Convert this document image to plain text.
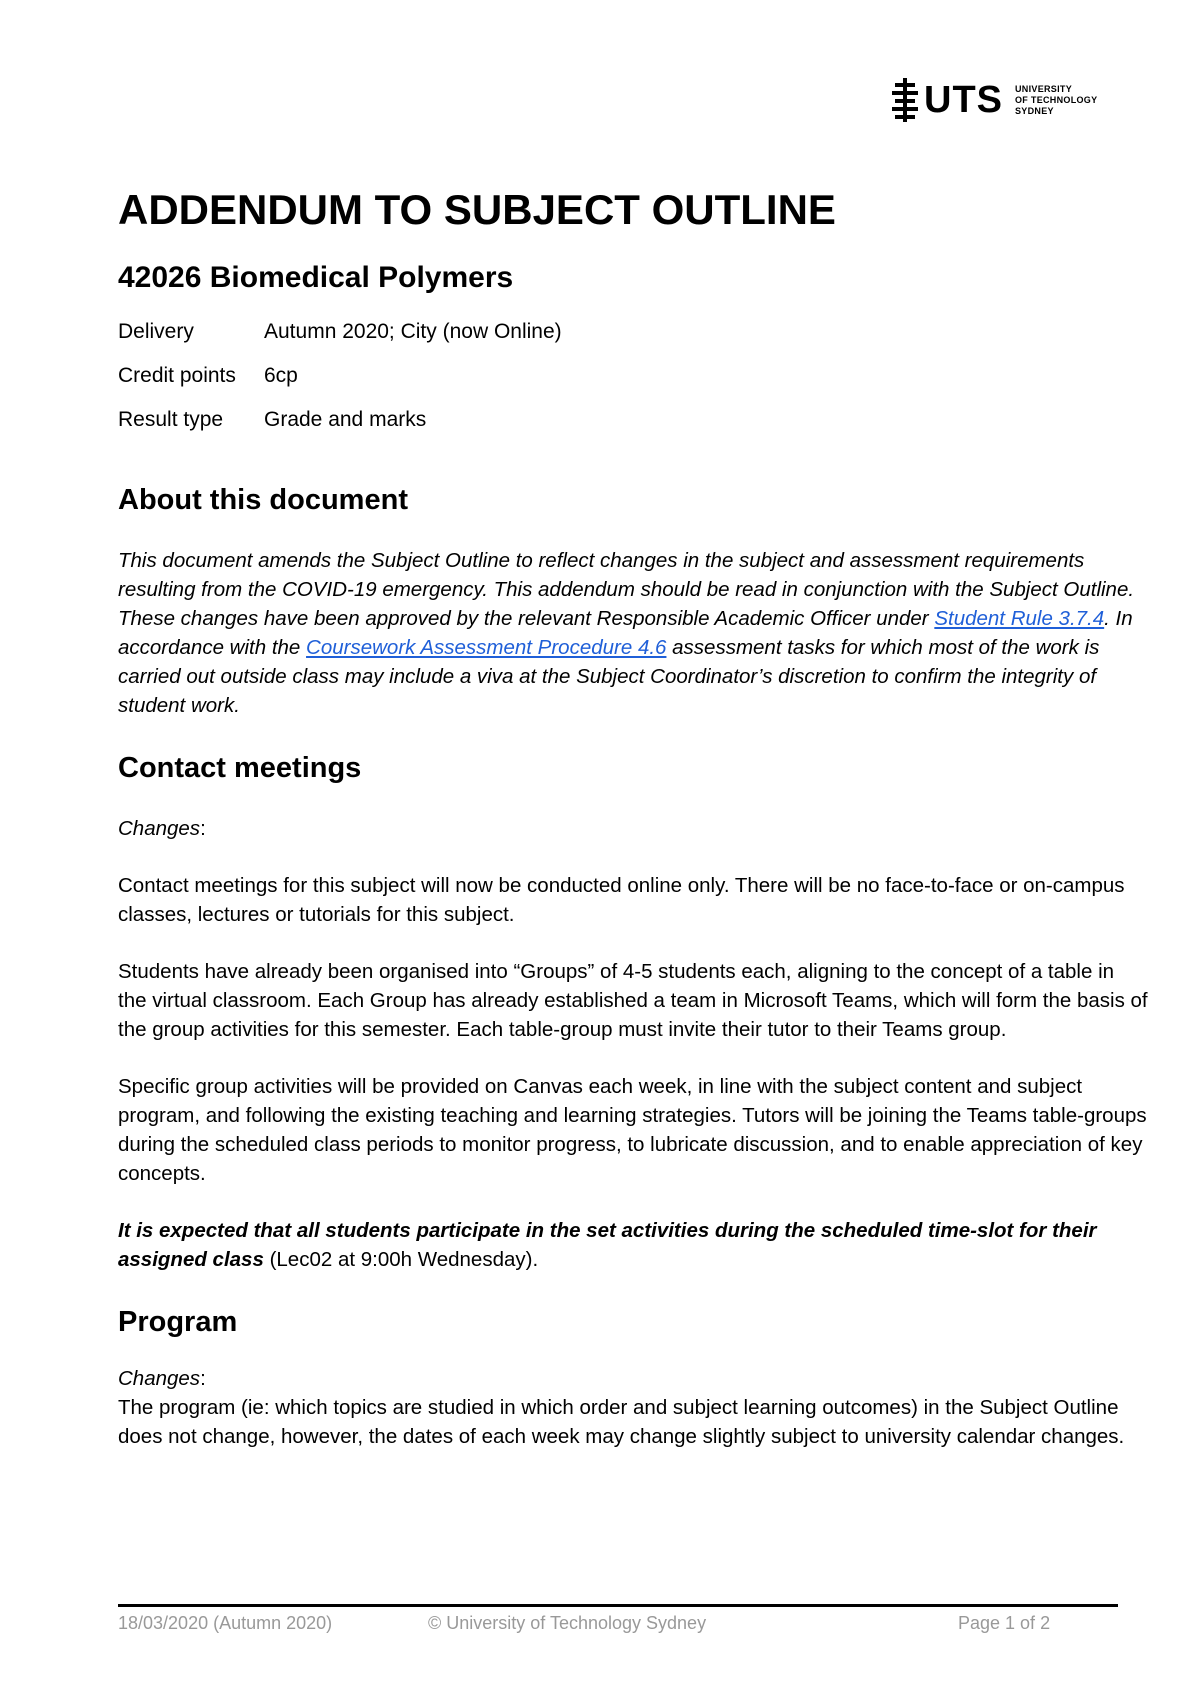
UTS UNIVERSITY
OF TECHNOLOGY
SYDNEY
ADDENDUM TO SUBJECT OUTLINE
42026 Biomedical Polymers
Delivery	Autumn 2020; City (now Online)
Credit points	6cp
Result type	Grade and marks
About this document

This document amends the Subject Outline to reflect changes in the subject and assessment requirements resulting from the COVID-19 emergency. This addendum should be read in conjunction with the Subject Outline. These changes have been approved by the relevant Responsible Academic Officer under Student Rule 3.7.4. In accordance with the Coursework Assessment Procedure 4.6 assessment tasks for which most of the work is carried out outside class may include a viva at the Subject Coordinator’s discretion to confirm the integrity of student work.

Contact meetings

Changes:

Contact meetings for this subject will now be conducted online only. There will be no face-to-face or on-campus classes, lectures or tutorials for this subject.

Students have already been organised into “Groups” of 4-5 students each, aligning to the concept of a table in the virtual classroom. Each Group has already established a team in Microsoft Teams, which will form the basis of the group activities for this semester. Each table-group must invite their tutor to their Teams group.

Specific group activities will be provided on Canvas each week, in line with the subject content and subject program, and following the existing teaching and learning strategies. Tutors will be joining the Teams table-groups during the scheduled class periods to monitor progress, to lubricate discussion, and to enable appreciation of key concepts.

It is expected that all students participate in the set activities during the scheduled time-slot for their assigned class (Lec02 at 9:00h Wednesday).

Program

Changes:

The program (ie: which topics are studied in which order and subject learning outcomes) in the Subject Outline does not change, however, the dates of each week may change slightly subject to university calendar changes.

18/03/2020 (Autumn 2020)	© University of Technology Sydney	Page 1 of 2
